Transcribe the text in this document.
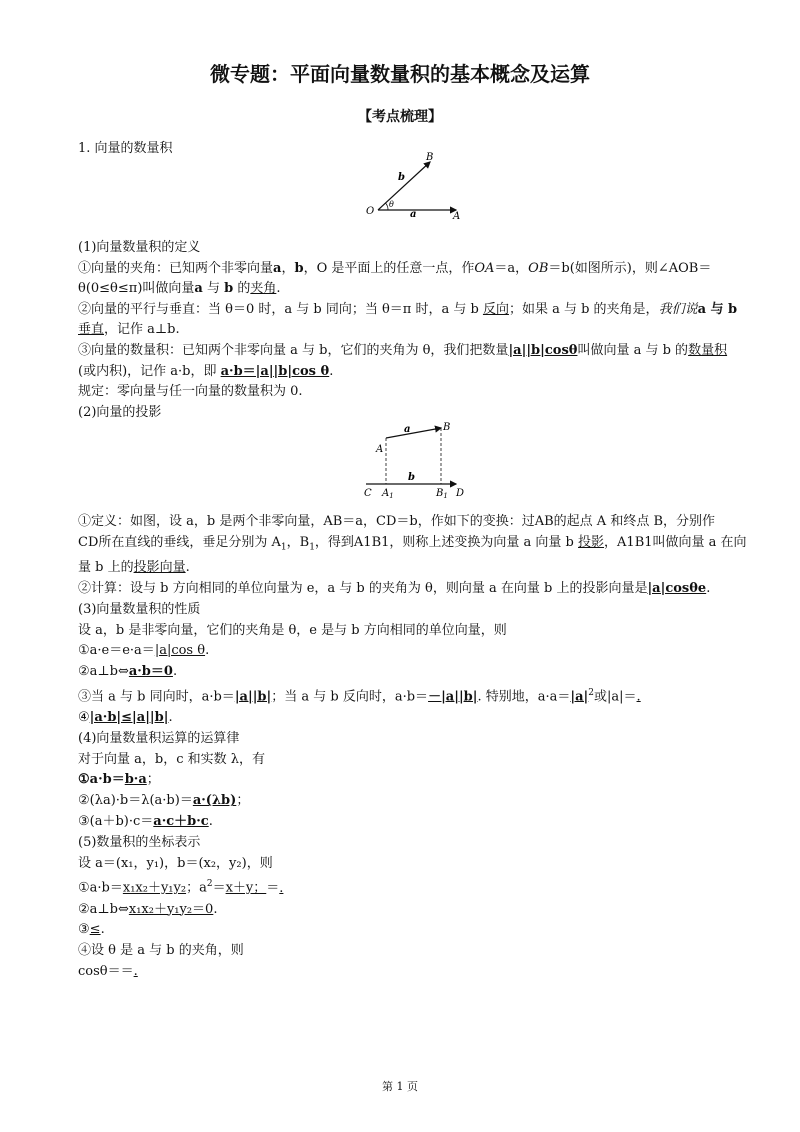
微专题：平面向量数量积的基本概念及运算
【考点梳理】
1. 向量的数量积
B
b
O
θ
a	A

(1)向量数量积的定义

①向量的夹角：已知两个非零向量a，b，O 是平面上的任意一点，作OA＝a，OB＝b(如图所示)，则∠AOB＝

θ(0≤θ≤π)叫做向量a 与 b 的夹角.

②向量的平行与垂直：当 θ＝0 时，a 与 b 同向；当 θ＝π 时，a 与 b 反向；如果 a 与 b 的夹角是，我们说a 与 b

垂直，记作 a⊥b.

③向量的数量积：已知两个非零向量 a 与 b，它们的夹角为 θ，我们把数量|a||b|cosθ叫做向量 a 与 b 的数量积

(或内积)，记作 a·b，即 a·b＝|a||b|cos θ.

规定：零向量与任一向量的数量积为 0.

(2)向量的投影

a	B
A
b
C $A_1$	$B_1$ D

①定义：如图，设 a，b 是两个非零向量，AB＝a，CD＝b，作如下的变换：过AB的起点 A 和终点 B，分别作

CD所在直线的垂线，垂足分别为 $A_1$，$B_1$，得到A1B1，则称上述变换为向量 a 向量 b 投影，A1B1叫做向量 a 在向

量 b 上的投影向量.

②计算：设与 b 方向相同的单位向量为 e，a 与 b 的夹角为 θ，则向量 a 在向量 b 上的投影向量是|a|cosθe.

(3)向量数量积的性质

设 a，b 是非零向量，它们的夹角是 θ，e 是与 b 方向相同的单位向量，则

①a·e＝e·a＝|a|cos θ.

②a⊥b⇔a·b＝0.

③当 a 与 b 同向时，a·b＝|a||b|；当 a 与 b 反向时，a·b＝－|a||b|. 特别地，$a\cdot a=|a|^2$或|a|＝.

④|a·b|≤|a||b|.

(4)向量数量积运算的运算律

对于向量 a，b，c 和实数 λ，有

①a·b＝b·a；

②(λa)·b＝λ(a·b)＝a·(λb)；

③(a＋b)·c＝a·c＋b·c.

(5)数量积的坐标表示

设 a＝(x₁，y₁)，b＝(x₂，y₂)，则

①a·b＝x₁x₂＋y₁y₂；$a^2=x+y$；＝.

②a⊥b⇔x₁x₂＋y₁y₂＝0.

③≤.

④设 θ 是 a 与 b 的夹角，则

cosθ＝＝.

第 1 页
